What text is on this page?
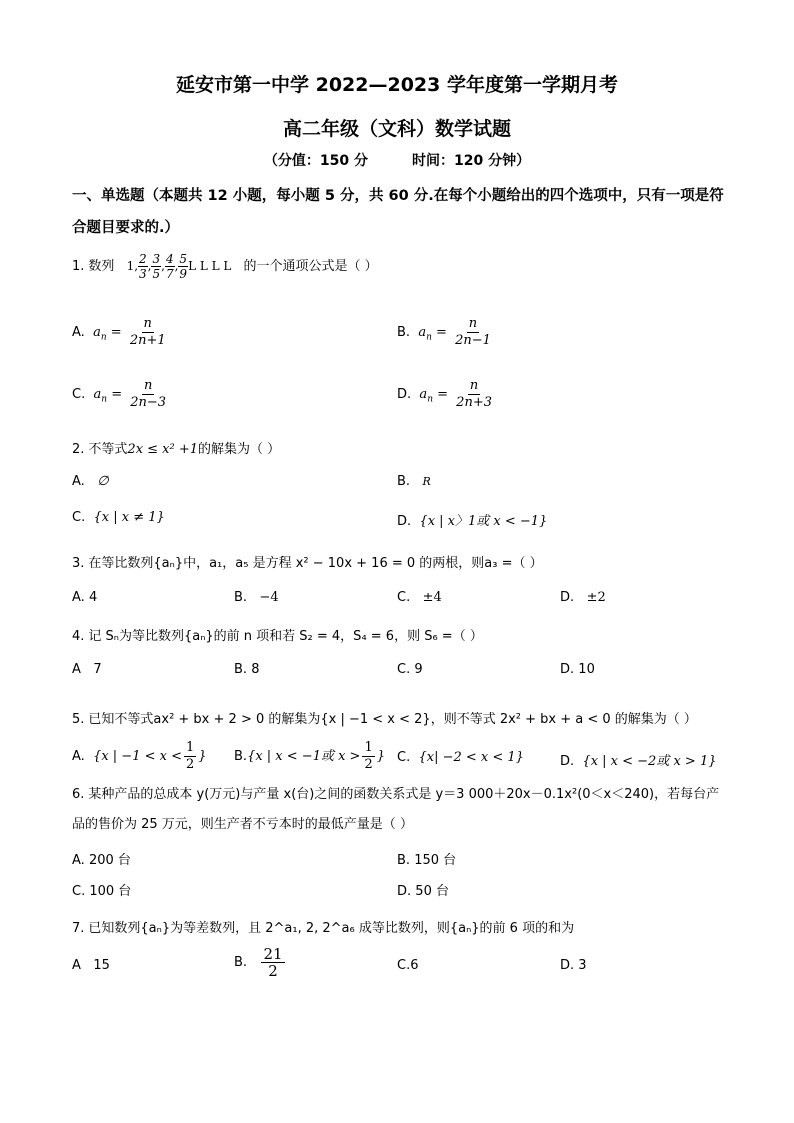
延安市第一中学 2022—2023 学年度第一学期月考
高二年级（文科）数学试题
（分值：150 分	时间：120 分钟）
一、单选题（本题共 12 小题，每小题 5 分，共 60 分.在每个小题给出的四个选项中，只有一项是符合题目要求的.）
1. 数列 1, $\frac{2}{3}$ , $\frac{3}{5}$ , $\frac{4}{7}$ , $\frac{5}{9}$ L L L L 的一个通项公式是（ ）
A. $a_n = \frac{n}{2n+1}$	B. $a_n = \frac{n}{2n-1}$
C. $a_n = \frac{n}{2n-3}$	D. $a_n = \frac{n}{2n+3}$
2. 不等式2x ≤ x² +1的解集为（ ）
A. ∅	B. R
C. {x | x ≠ 1}	D. {x | x〉1或 x < −1}
3. 在等比数列{aₙ}中，a₁，a₅ 是方程 x² − 10x + 16 = 0 的两根，则a₃ =（ ）
A. 4	B. −4	C. ±4	D. ±2
4. 记 Sₙ为等比数列{aₙ}的前 n 项和若 S₂ = 4，S₄ = 6，则 S₆ =（ ）
A 7	B. 8	C. 9	D. 10
5. 已知不等式ax² + bx + 2 > 0 的解集为{x | −1 < x < 2}，则不等式 2x² + bx + a < 0 的解集为（ ）
A. {x | $-1 < x < \frac{1}{2}$ } B.{x | x < −1或 $x > \frac{1}{2}$ } C. {x| −2 < x < 1}	D. {x | x < −2或 x > 1}
6. 某种产品的总成本 y(万元)与产量 x(台)之间的函数关系式是 y＝3 000＋20x－0.1x²(0＜x＜240)，若每台产品的售价为 25 万元，则生产者不亏本时的最低产量是（ ）
A. 200 台	B. 150 台
C. 100 台	D. 50 台
7. 已知数列{aₙ}为等差数列，且 2^a₁, 2, 2^a₆ 成等比数列，则{aₙ}的前 6 项的和为
A 15	B. $\frac{21}{2}$	C.6	D. 3
